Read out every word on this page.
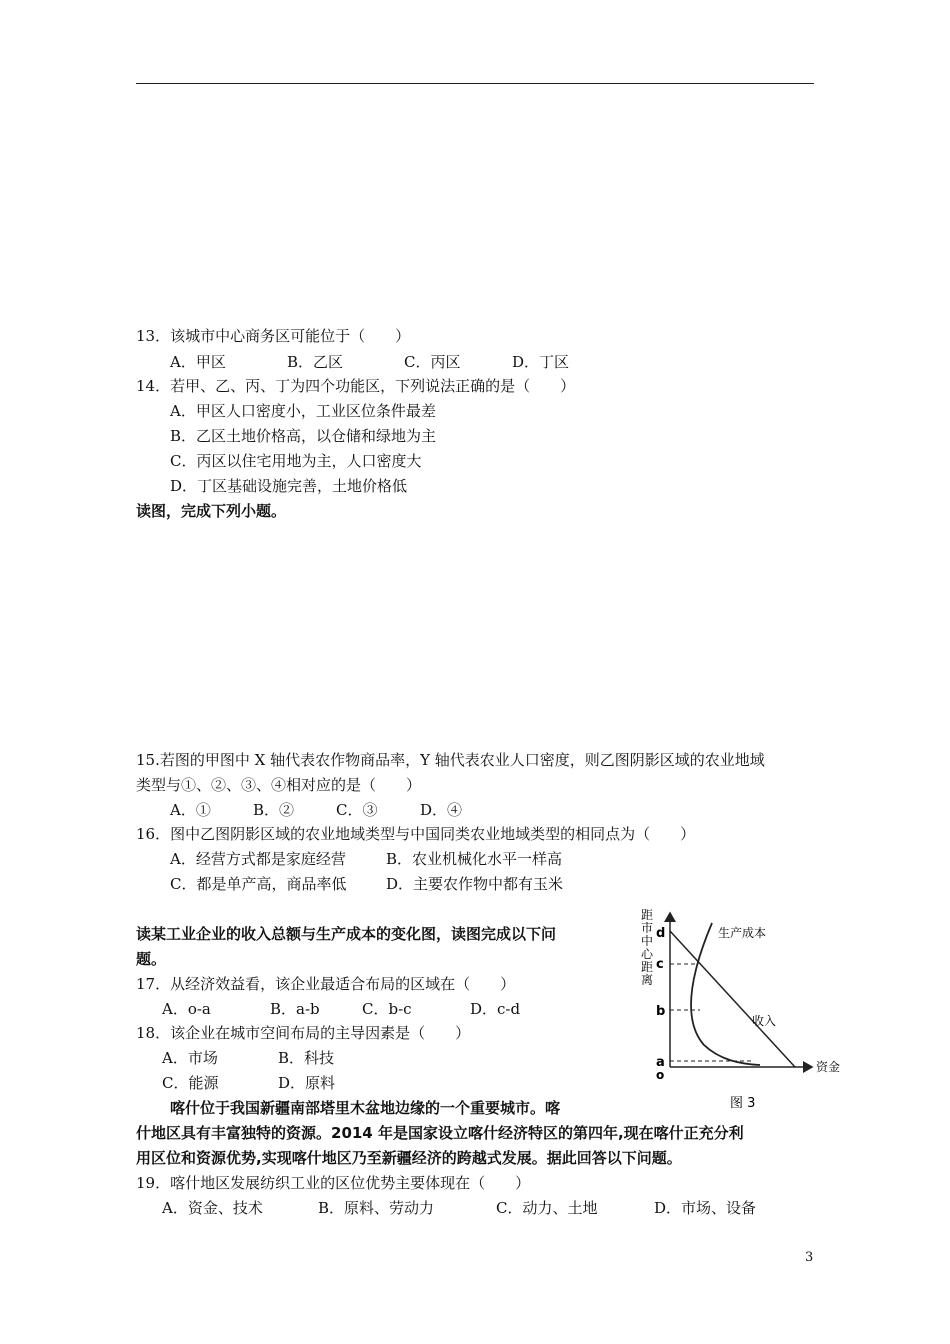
13．该城市中心商务区可能位于（　　）
A．甲区	B．乙区	C．丙区	D．丁区
14．若甲、乙、丙、丁为四个功能区，下列说法正确的是（　　）
A．甲区人口密度小，工业区位条件最差
B．乙区土地价格高，以仓储和绿地为主
C．丙区以住宅用地为主，人口密度大
D．丁区基础设施完善，土地价格低
读图，完成下列小题。
15.若图的甲图中 X 轴代表农作物商品率，Y 轴代表农业人口密度，则乙图阴影区域的农业地域
类型与①、②、③、④相对应的是（　　）
A．①	B．②	C．③	D．④
16．图中乙图阴影区域的农业地域类型与中国同类农业地域类型的相同点为（　　）
A．经营方式都是家庭经营	B．农业机械化水平一样高
C．都是单产高，商品率低	D．主要农作物中都有玉米
读某工业企业的收入总额与生产成本的变化图，读图完成以下问
题。
17．从经济效益看，该企业最适合布局的区域在（　　）
A．o-a	B．a-b	C．b-c	D．c-d
18．该企业在城市空间布局的主导因素是（　　）
A．市场	B．科技
C．能源	D．原料
距 市 中 心 距 离
d
c
b
a
o
生产成本
收入
资金
图 3
喀什位于我国新疆南部塔里木盆地边缘的一个重要城市。喀
什地区具有丰富独特的资源。2014 年是国家设立喀什经济特区的第四年,现在喀什正充分利
用区位和资源优势,实现喀什地区乃至新疆经济的跨越式发展。据此回答以下问题。
19．喀什地区发展纺织工业的区位优势主要体现在（　　）
A．资金、技术	B．原料、劳动力	C．动力、土地	D．市场、设备
3
